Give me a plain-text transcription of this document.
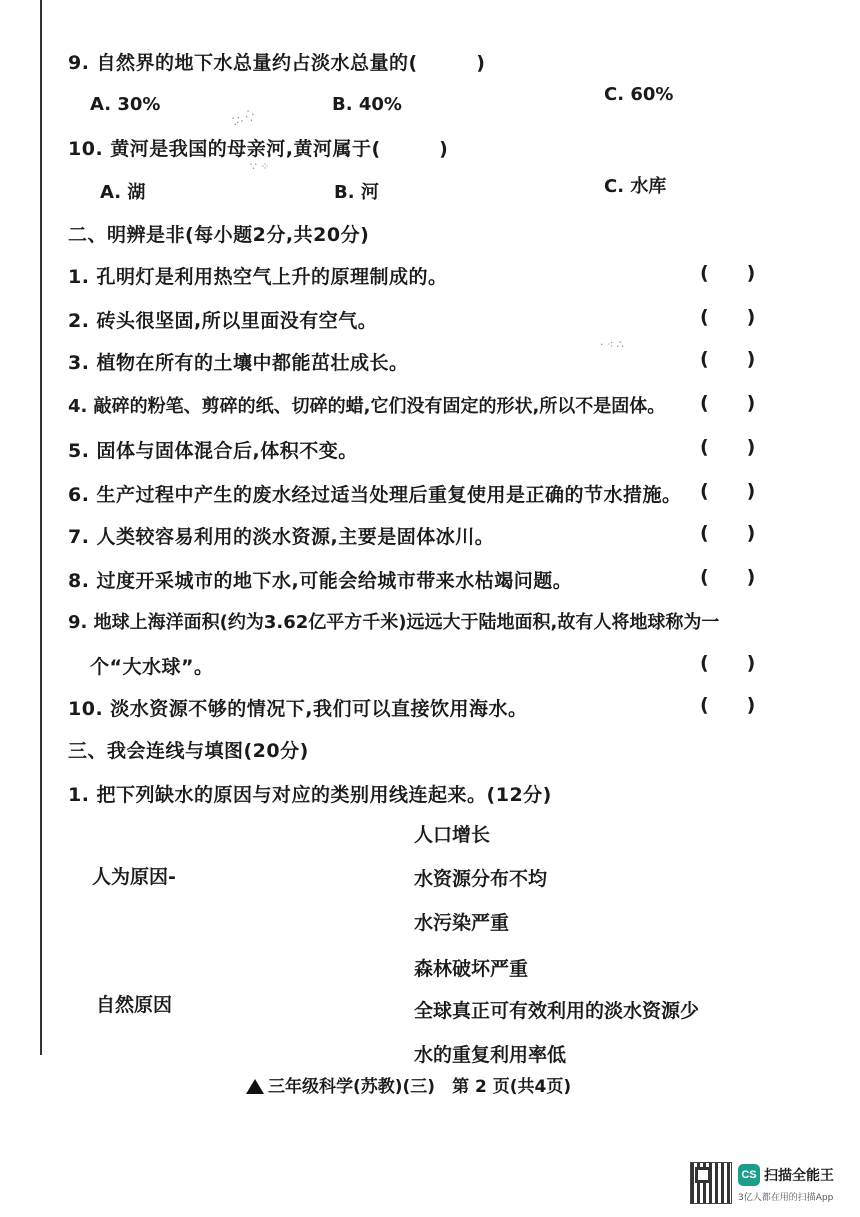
9. 自然界的地下水总量约占淡水总量的(　　　)
A. 30%	B. 40%	C. 60%
10. 黄河是我国的母亲河,黄河属于(　　　)
A. 湖	B. 河	C. 水库
⁚∴ ⁛
∵ ⁘
· ⁖ ∴
二、明辨是非(每小题2分,共20分)
1. 孔明灯是利用热空气上升的原理制成的。	(　　)
2. 砖头很坚固,所以里面没有空气。	(　　)
3. 植物在所有的土壤中都能茁壮成长。	(　　)
4. 敲碎的粉笔、剪碎的纸、切碎的蜡,它们没有固定的形状,所以不是固体。 (　　)
5. 固体与固体混合后,体积不变。	(　　)
6. 生产过程中产生的废水经过适当处理后重复使用是正确的节水措施。 (　　)
7. 人类较容易利用的淡水资源,主要是固体冰川。	(　　)
8. 过度开采城市的地下水,可能会给城市带来水枯竭问题。	(　　)
9. 地球上海洋面积(约为3.62亿平方千米)远远大于陆地面积,故有人将地球称为一
个“大水球”。	(　　)
10. 淡水资源不够的情况下,我们可以直接饮用海水。	(　　)
三、我会连线与填图(20分)
1. 把下列缺水的原因与对应的类别用线连起来。(12分)
人为原因-
自然原因
人口增长
水资源分布不均
水污染严重
森林破坏严重
全球真正可有效利用的淡水资源少
水的重复利用率低
三年级科学(苏教)(三)　第 2 页(共4页)
CS 扫描全能王
3亿人都在用的扫描App
